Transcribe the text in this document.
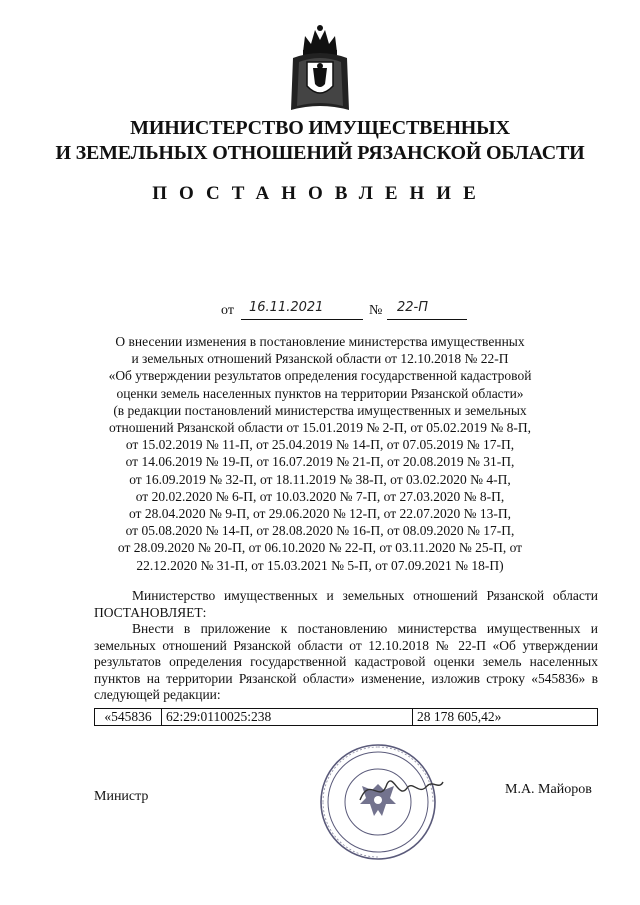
МИНИСТЕРСТВО ИМУЩЕСТВЕННЫХ
И ЗЕМЕЛЬНЫХ ОТНОШЕНИЙ РЯЗАНСКОЙ ОБЛАСТИ
ПОСТАНОВЛЕНИЕ
от 16.11.2021	№ 22-П
О внесении изменения в постановление министерства имущественных
и земельных отношений Рязанской области от 12.10.2018 № 22-П
«Об утверждении результатов определения государственной кадастровой
оценки земель населенных пунктов на территории Рязанской области»
(в редакции постановлений министерства имущественных и земельных
отношений Рязанской области от 15.01.2019 № 2-П, от 05.02.2019 № 8-П,
от 15.02.2019 № 11-П, от 25.04.2019 № 14-П, от 07.05.2019 № 17-П,
от 14.06.2019 № 19-П, от 16.07.2019 № 21-П, от 20.08.2019 № 31-П,
от 16.09.2019 № 32-П, от 18.11.2019 № 38-П, от 03.02.2020 № 4-П,
от 20.02.2020 № 6-П, от 10.03.2020 № 7-П, от 27.03.2020 № 8-П,
от 28.04.2020 № 9-П, от 29.06.2020 № 12-П, от 22.07.2020 № 13-П,
от 05.08.2020 № 14-П, от 28.08.2020 № 16-П, от 08.09.2020 № 17-П,
от 28.09.2020 № 20-П, от 06.10.2020 № 22-П, от 03.11.2020 № 25-П, от
22.12.2020 № 31-П, от 15.03.2021 № 5-П, от 07.09.2021 № 18-П)

Министерство имущественных и земельных отношений Рязанской области ПОСТАНОВЛЯЕТ:

Внести в приложение к постановлению министерства имущественных и земельных отношений Рязанской области от 12.10.2018 № 22-П «Об утверждении результатов определения государственной кадастровой оценки земель населенных пунктов на территории Рязанской области» изменение, изложив строку «545836» в следующей редакции:

«545836	62:29:0110025:238	28 178 605,42»
Министр	М.А. Майоров
